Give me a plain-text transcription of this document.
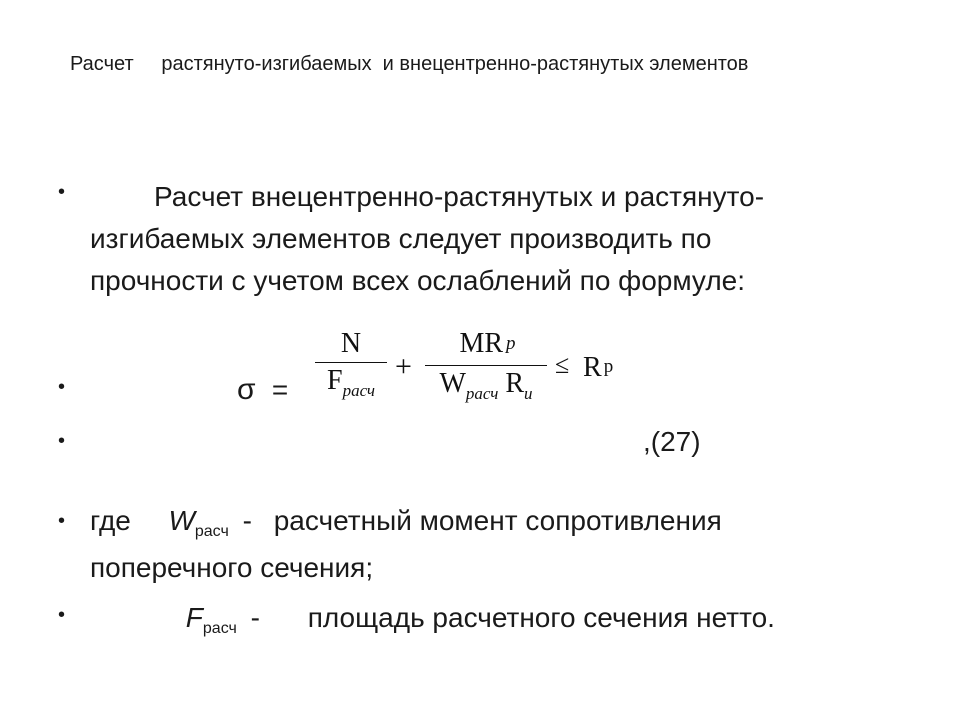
Расчет     растянуто-изгибаемых  и внецентренно-растянутых элементов
•
•
•
•
•
Расчет внецентренно-растянутых и растянуто-
изгибаемых элементов следует производить по
прочности с учетом всех ослаблений по формуле:
σ =
N
$F_{расч}$
+
MR р
$W_{расч}$ $R_и$
≤ R p
,(27)
где $W_{расч}$ - расчетный момент сопротивления
поперечного сечения;
$F_{расч}$ - площадь расчетного сечения нетто.
